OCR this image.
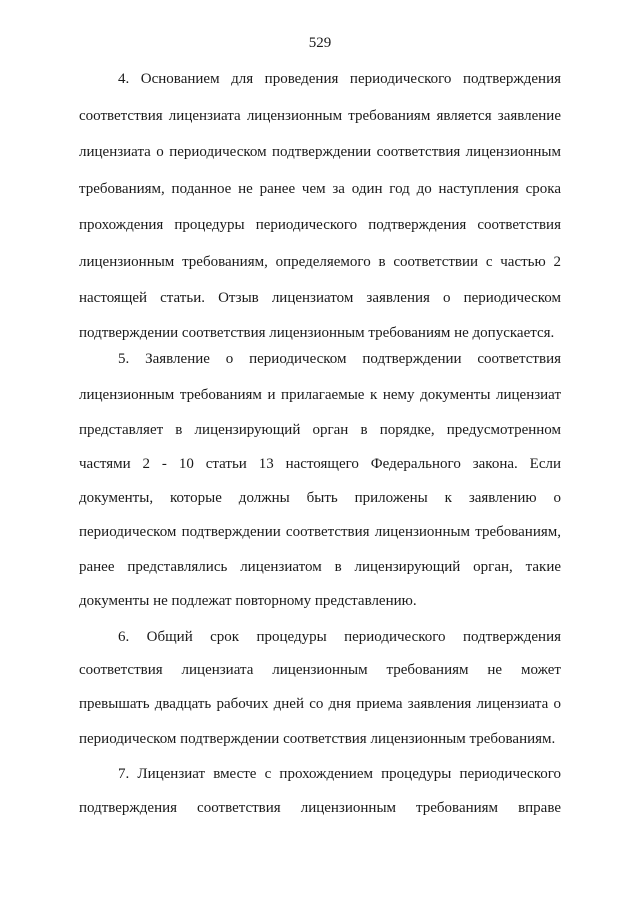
529
4. Основанием для проведения периодического подтверждения
соответствия лицензиата лицензионным требованиям является заявление
лицензиата о периодическом подтверждении соответствия лицензионным
требованиям, поданное не ранее чем за один год до наступления срока
прохождения процедуры периодического подтверждения соответствия
лицензионным требованиям, определяемого в соответствии с частью 2
настоящей статьи. Отзыв лицензиатом заявления о периодическом
подтверждении соответствия лицензионным требованиям не допускается.
5. Заявление о периодическом подтверждении соответствия
лицензионным требованиям и прилагаемые к нему документы лицензиат
представляет в лицензирующий орган в порядке, предусмотренном
частями 2 - 10 статьи 13 настоящего Федерального закона. Если
документы, которые должны быть приложены к заявлению о
периодическом подтверждении соответствия лицензионным требованиям,
ранее представлялись лицензиатом в лицензирующий орган, такие
документы не подлежат повторному представлению.
6. Общий срок процедуры периодического подтверждения
соответствия лицензиата лицензионным требованиям не может
превышать двадцать рабочих дней со дня приема заявления лицензиата о
периодическом подтверждении соответствия лицензионным требованиям.
7. Лицензиат вместе с прохождением процедуры периодического
подтверждения соответствия лицензионным требованиям вправе
